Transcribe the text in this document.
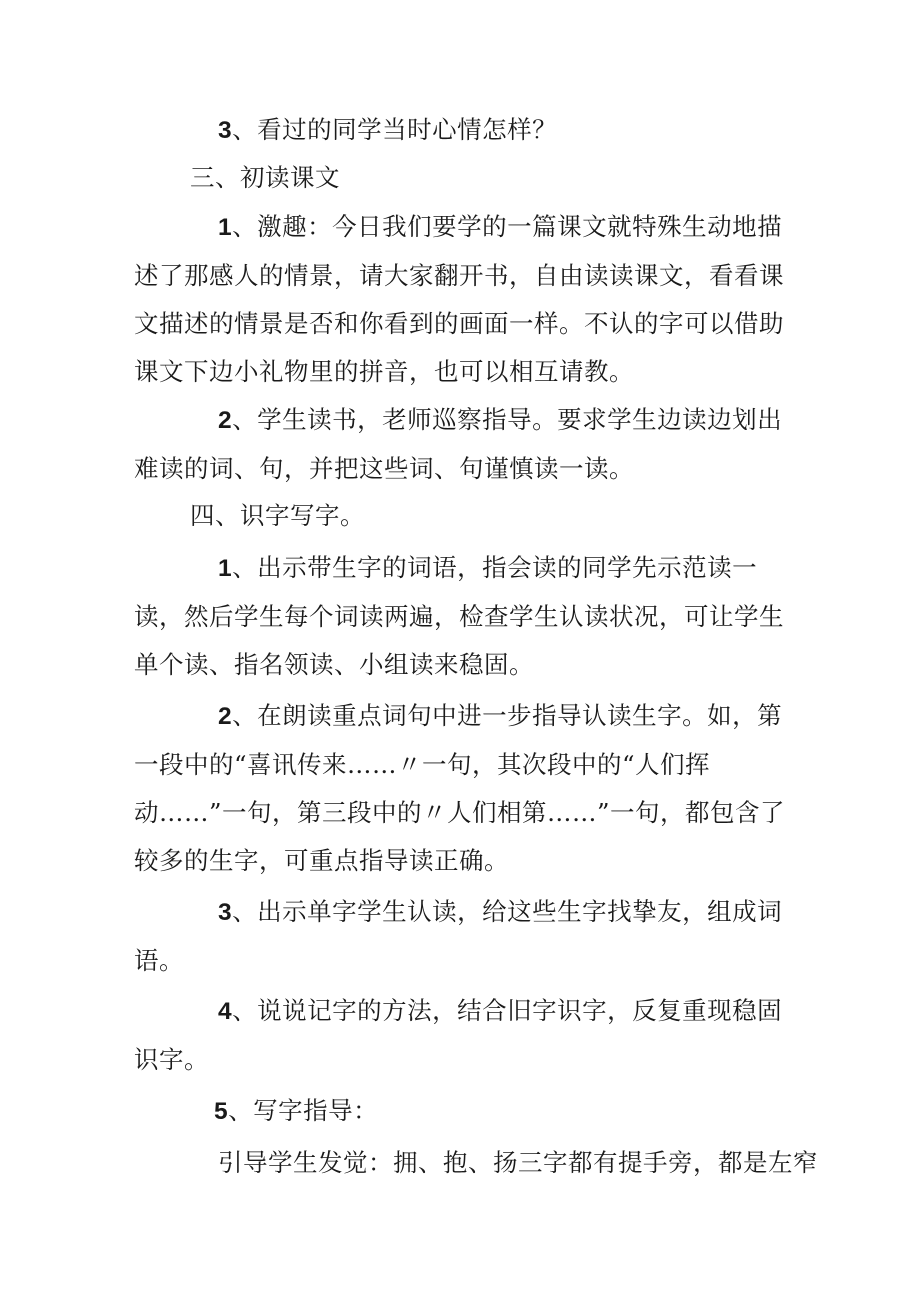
3、看过的同学当时心情怎样？

三、初读课文

1、激趣：今日我们要学的一篇课文就特殊生动地描述了那感人的情景，请大家翻开书，自由读读课文，看看课文描述的情景是否和你看到的画面一样。不认的字可以借助课文下边小礼物里的拼音，也可以相互请教。

2、学生读书，老师巡察指导。要求学生边读边划出难读的词、句，并把这些词、句谨慎读一读。

四、识字写字。

1、出示带生字的词语，指会读的同学先示范读一读，然后学生每个词读两遍，检查学生认读状况，可让学生单个读、指名领读、小组读来稳固。

2、在朗读重点词句中进一步指导认读生字。如，第一段中的“喜讯传来……〃一句，其次段中的“人们挥动……”一句，第三段中的〃人们相第……”一句，都包含了较多的生字，可重点指导读正确。

3、出示单字学生认读，给这些生字找挚友，组成词语。

4、说说记字的方法，结合旧字识字，反复重现稳固识字。

5、写字指导：

引导学生发觉：拥、抱、扬三字都有提手旁，都是左窄
